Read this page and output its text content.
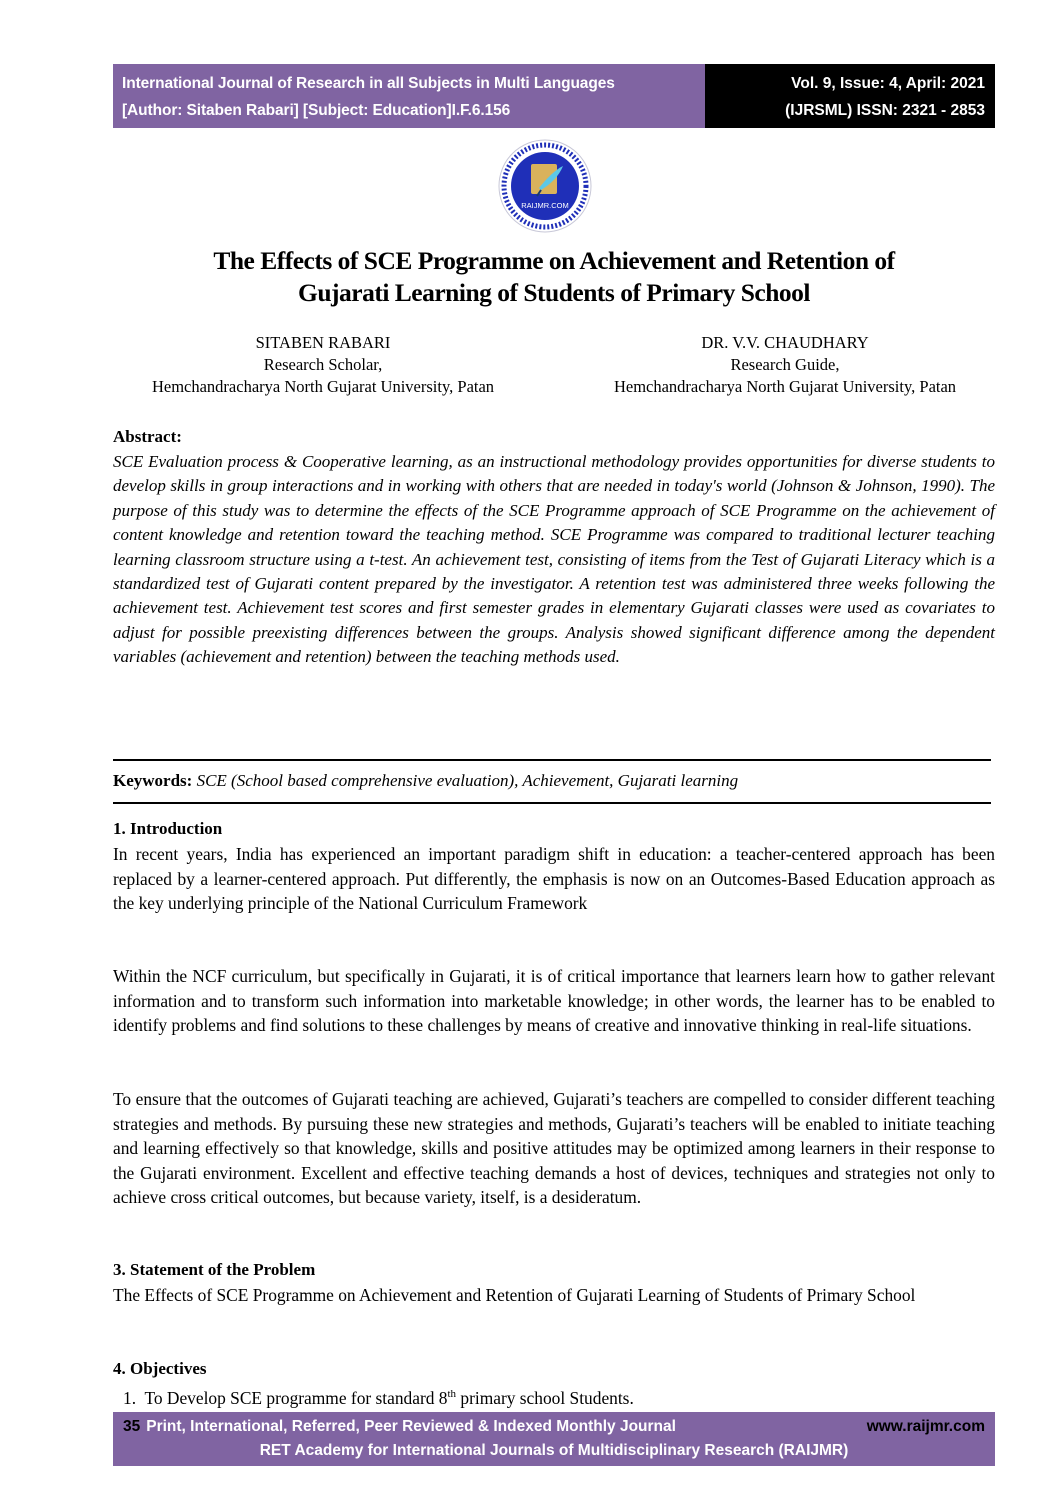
International Journal of Research in all Subjects in Multi Languages
[Author: Sitaben Rabari] [Subject: Education]I.F.6.156
Vol. 9, Issue: 4, April: 2021
(IJRSML) ISSN: 2321 - 2853
RAIJMR.COM
The Effects of SCE Programme on Achievement and Retention of
Gujarati Learning of Students of Primary School
SITABEN RABARI
Research Scholar,
Hemchandracharya North Gujarat University, Patan
DR. V.V. CHAUDHARY
Research Guide,
Hemchandracharya North Gujarat University, Patan
Abstract:
SCE Evaluation process & Cooperative learning, as an instructional methodology provides opportunities for diverse students to develop skills in group interactions and in working with others that are needed in today's world (Johnson & Johnson, 1990). The purpose of this study was to determine the effects of the SCE Programme approach of SCE Programme on the achievement of content knowledge and retention toward the teaching method. SCE Programme was compared to traditional lecturer teaching learning classroom structure using a t-test. An achievement test, consisting of items from the Test of Gujarati Literacy which is a standardized test of Gujarati content prepared by the investigator. A retention test was administered three weeks following the achievement test. Achievement test scores and first semester grades in elementary Gujarati classes were used as covariates to adjust for possible preexisting differences between the groups. Analysis showed significant difference among the dependent variables (achievement and retention) between the teaching methods used.
Keywords: SCE (School based comprehensive evaluation), Achievement, Gujarati learning
1. Introduction
In recent years, India has experienced an important paradigm shift in education: a teacher-centered approach has been replaced by a learner-centered approach. Put differently, the emphasis is now on an Outcomes-Based Education approach as the key underlying principle of the National Curriculum Framework
Within the NCF curriculum, but specifically in Gujarati, it is of critical importance that learners learn how to gather relevant information and to transform such information into marketable knowledge; in other words, the learner has to be enabled to identify problems and find solutions to these challenges by means of creative and innovative thinking in real-life situations.
To ensure that the outcomes of Gujarati teaching are achieved, Gujarati’s teachers are compelled to consider different teaching strategies and methods. By pursuing these new strategies and methods, Gujarati’s teachers will be enabled to initiate teaching and learning effectively so that knowledge, skills and positive attitudes may be optimized among learners in their response to the Gujarati environment. Excellent and effective teaching demands a host of devices, techniques and strategies not only to achieve cross critical outcomes, but because variety, itself, is a desideratum.
3. Statement of the Problem
The Effects of SCE Programme on Achievement and Retention of Gujarati Learning of Students of Primary School
4. Objectives
1. To Develop SCE programme for standard 8th primary school Students.
35 Print, International, Referred, Peer Reviewed & Indexed Monthly Journal	www.raijmr.com
RET Academy for International Journals of Multidisciplinary Research (RAIJMR)
